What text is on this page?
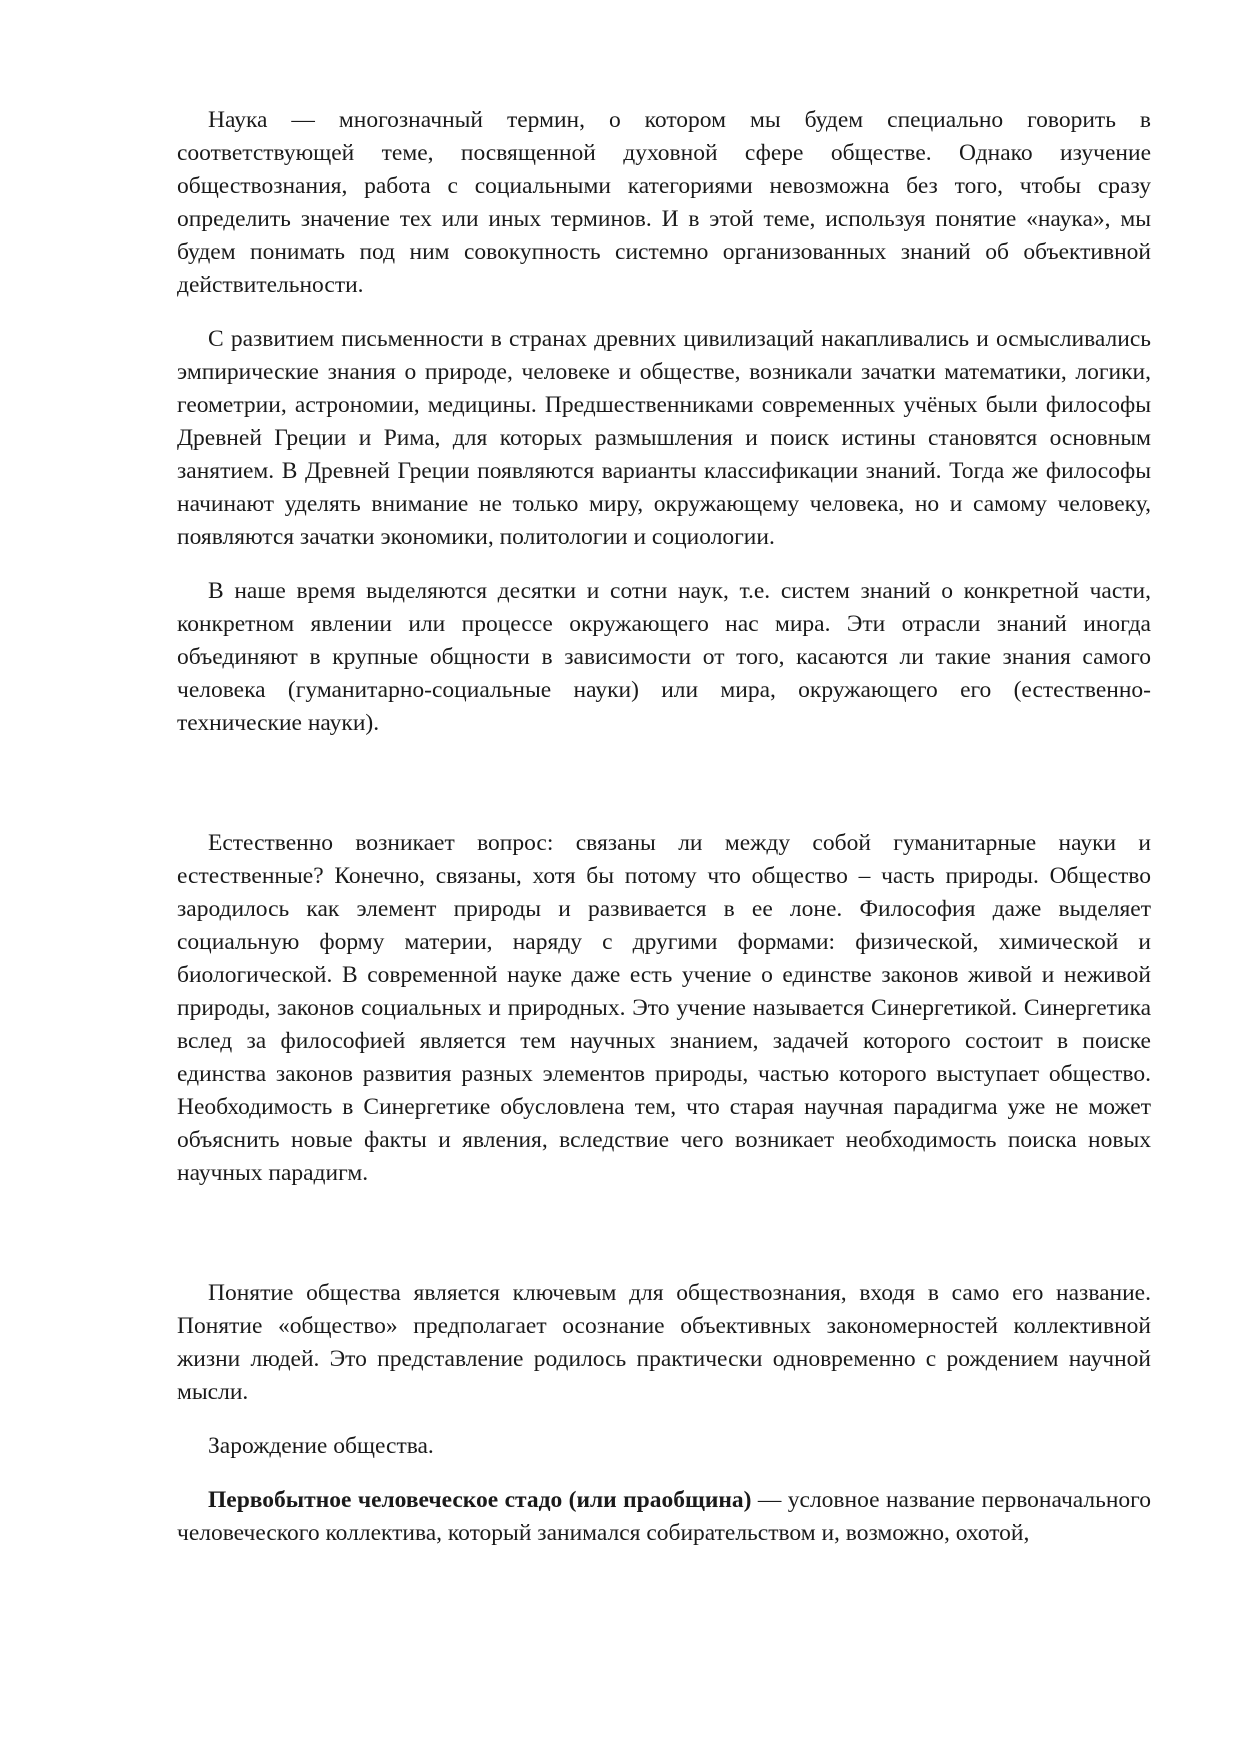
Наука — многозначный термин, о котором мы будем специально говорить в соответствующей теме, посвященной духовной сфере обществе. Однако изучение обществознания, работа с социальными категориями невозможна без того, чтобы сразу определить значение тех или иных терминов. И в этой теме, используя понятие «наука», мы будем понимать под ним совокупность системно организованных знаний об объективной действительности.

С развитием письменности в странах древних цивилизаций накапливались и осмысливались эмпирические знания о природе, человеке и обществе, возникали зачатки математики, логики, геометрии, астрономии, медицины. Предшественниками современных учёных были философы Древней Греции и Рима, для которых размышления и поиск истины становятся основным занятием. В Древней Греции появляются варианты классификации знаний. Тогда же философы начинают уделять внимание не только миру, окружающему человека, но и самому человеку, появляются зачатки экономики, политологии и социологии.

В наше время выделяются десятки и сотни наук, т.е. систем знаний о конкретной части, конкретном явлении или процессе окружающего нас мира. Эти отрасли знаний иногда объединяют в крупные общности в зависимости от того, касаются ли такие знания самого человека (гуманитарно-социальные науки) или мира, окружающего его (естественно-технические науки).

Естественно возникает вопрос: связаны ли между собой гуманитарные науки и естественные? Конечно, связаны, хотя бы потому что общество – часть природы. Общество зародилось как элемент природы и развивается в ее лоне. Философия даже выделяет социальную форму материи, наряду с другими формами: физической, химической и биологической. В современной науке даже есть учение о единстве законов живой и неживой природы, законов социальных и природных. Это учение называется Синергетикой. Синергетика вслед за философией является тем научных знанием, задачей которого состоит в поиске единства законов развития разных элементов природы, частью которого выступает общество. Необходимость в Синергетике обусловлена тем, что старая научная парадигма уже не может объяснить новые факты и явления, вследствие чего возникает необходимость поиска новых научных парадигм.

Понятие общества является ключевым для обществознания, входя в само его название. Понятие «общество» предполагает осознание объективных закономерностей коллективной жизни людей. Это представление родилось практически одновременно с рождением научной мысли.

Зарождение общества.

Первобытное человеческое стадо (или праобщина) — условное название первоначального человеческого коллектива, который занимался собирательством и, возможно, охотой,
